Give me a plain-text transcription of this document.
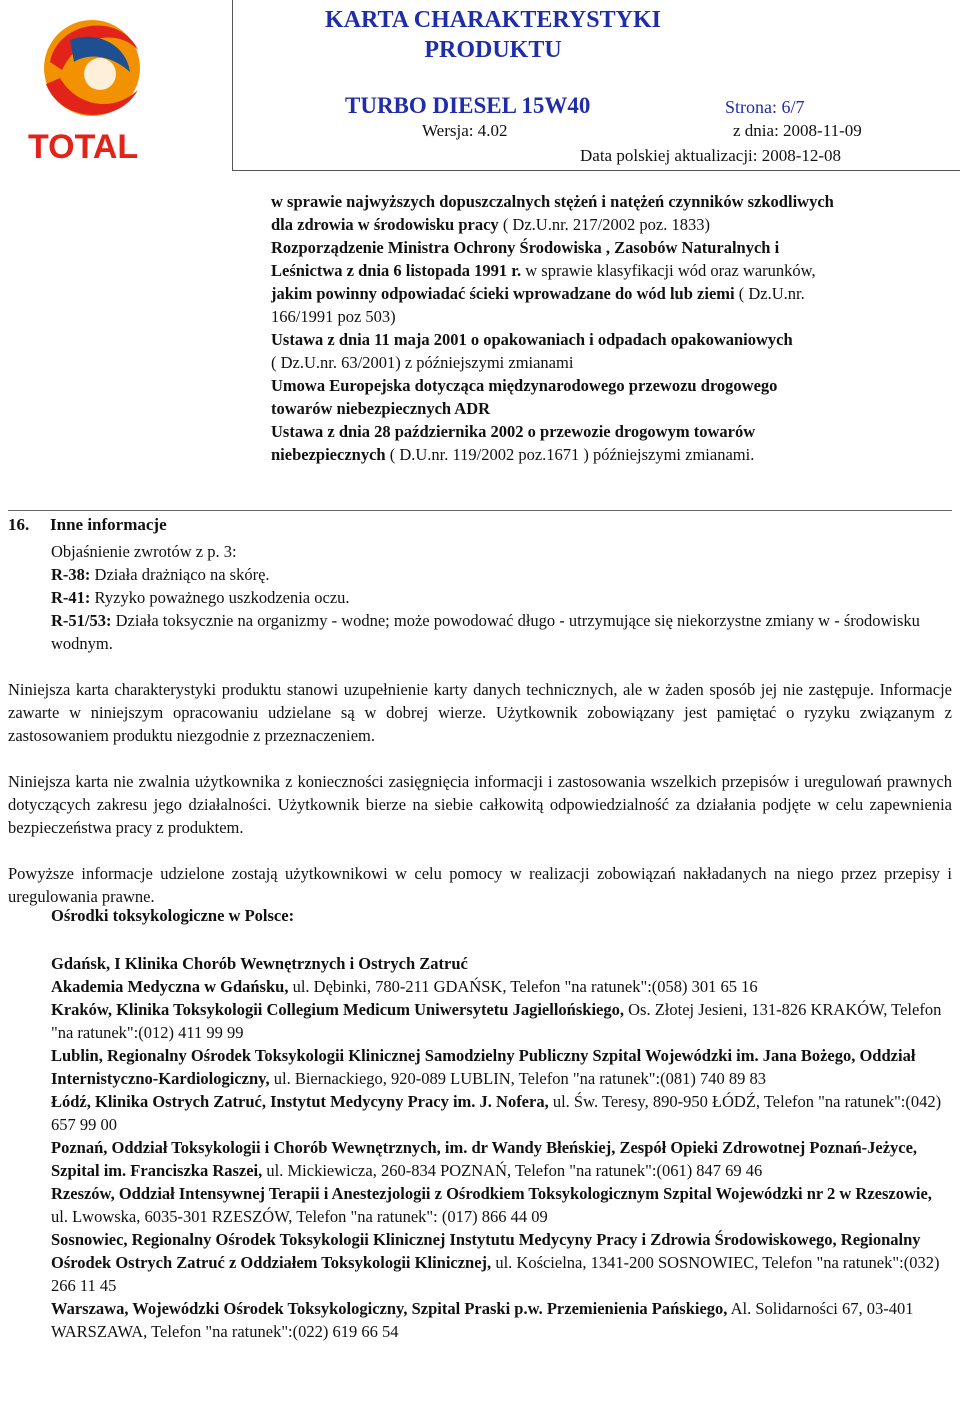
TOTAL
KARTA CHARAKTERYSTYKI
PRODUKTU
TURBO DIESEL 15W40	Strona: 6/7
Wersja: 4.02	z dnia: 2008-11-09
Data polskiej aktualizacji: 2008-12-08

w sprawie najwyższych dopuszczalnych stężeń i natężeń czynników szkodliwych

dla zdrowia w środowisku pracy ( Dz.U.nr. 217/2002 poz. 1833)

Rozporządzenie Ministra Ochrony Środowiska , Zasobów Naturalnych i

Leśnictwa z dnia 6 listopada 1991 r. w sprawie klasyfikacji wód oraz warunków,

jakim powinny odpowiadać ścieki wprowadzane do wód lub ziemi ( Dz.U.nr.

166/1991 poz 503)

Ustawa z dnia 11 maja 2001 o opakowaniach i odpadach opakowaniowych

( Dz.U.nr. 63/2001) z późniejszymi zmianami

Umowa Europejska dotycząca międzynarodowego przewozu drogowego

towarów niebezpiecznych ADR

Ustawa z dnia 28 października 2002 o przewozie drogowym towarów

niebezpiecznych ( D.U.nr. 119/2002 poz.1671 ) późniejszymi zmianami.

16. Inne informacje

Objaśnienie zwrotów z p. 3:

R-38: Działa drażniąco na skórę.

R-41: Ryzyko poważnego uszkodzenia oczu.

R-51/53: Działa toksycznie na organizmy - wodne; może powodować długo - utrzymujące się niekorzystne zmiany w - środowisku wodnym.

Niniejsza karta charakterystyki produktu stanowi uzupełnienie karty danych technicznych, ale w żaden sposób jej nie zastępuje. Informacje zawarte w niniejszym opracowaniu udzielane są w dobrej wierze. Użytkownik zobowiązany jest pamiętać o ryzyku związanym z zastosowaniem produktu niezgodnie z przeznaczeniem.

Niniejsza karta nie zwalnia użytkownika z konieczności zasięgnięcia informacji i zastosowania wszelkich przepisów i uregulowań prawnych dotyczących zakresu jego działalności. Użytkownik bierze na siebie całkowitą odpowiedzialność za działania podjęte w celu zapewnienia bezpieczeństwa pracy z produktem.

Powyższe informacje udzielone zostają użytkownikowi w celu pomocy w realizacji zobowiązań nakładanych na niego przez przepisy i uregulowania prawne.

Ośrodki toksykologiczne w Polsce:

Gdańsk, I Klinika Chorób Wewnętrznych i Ostrych Zatruć

Akademia Medyczna w Gdańsku, ul. Dębinki, 780-211 GDAŃSK, Telefon "na ratunek":(058) 301 65 16

Kraków, Klinika Toksykologii Collegium Medicum Uniwersytetu Jagiellońskiego, Os. Złotej Jesieni, 131-826 KRAKÓW, Telefon "na ratunek":(012) 411 99 99

Lublin, Regionalny Ośrodek Toksykologii Klinicznej Samodzielny Publiczny Szpital Wojewódzki im. Jana Bożego, Oddział Internistyczno-Kardiologiczny, ul. Biernackiego, 920-089 LUBLIN, Telefon "na ratunek":(081) 740 89 83

Łódź, Klinika Ostrych Zatruć, Instytut Medycyny Pracy im. J. Nofera, ul. Św. Teresy, 890-950 ŁÓDŹ, Telefon "na ratunek":(042) 657 99 00

Poznań, Oddział Toksykologii i Chorób Wewnętrznych, im. dr Wandy Błeńskiej, Zespół Opieki Zdrowotnej Poznań-Jeżyce, Szpital im. Franciszka Raszei, ul. Mickiewicza, 260-834 POZNAŃ, Telefon "na ratunek":(061) 847 69 46

Rzeszów, Oddział Intensywnej Terapii i Anestezjologii z Ośrodkiem Toksykologicznym Szpital Wojewódzki nr 2 w Rzeszowie, ul. Lwowska, 6035-301 RZESZÓW, Telefon "na ratunek": (017) 866 44 09

Sosnowiec, Regionalny Ośrodek Toksykologii Klinicznej Instytutu Medycyny Pracy i Zdrowia Środowiskowego, Regionalny Ośrodek Ostrych Zatruć z Oddziałem Toksykologii Klinicznej, ul. Kościelna, 1341-200 SOSNOWIEC, Telefon "na ratunek":(032) 266 11 45

Warszawa, Wojewódzki Ośrodek Toksykologiczny, Szpital Praski p.w. Przemienienia Pańskiego, Al. Solidarności 67, 03-401 WARSZAWA, Telefon "na ratunek":(022) 619 66 54
